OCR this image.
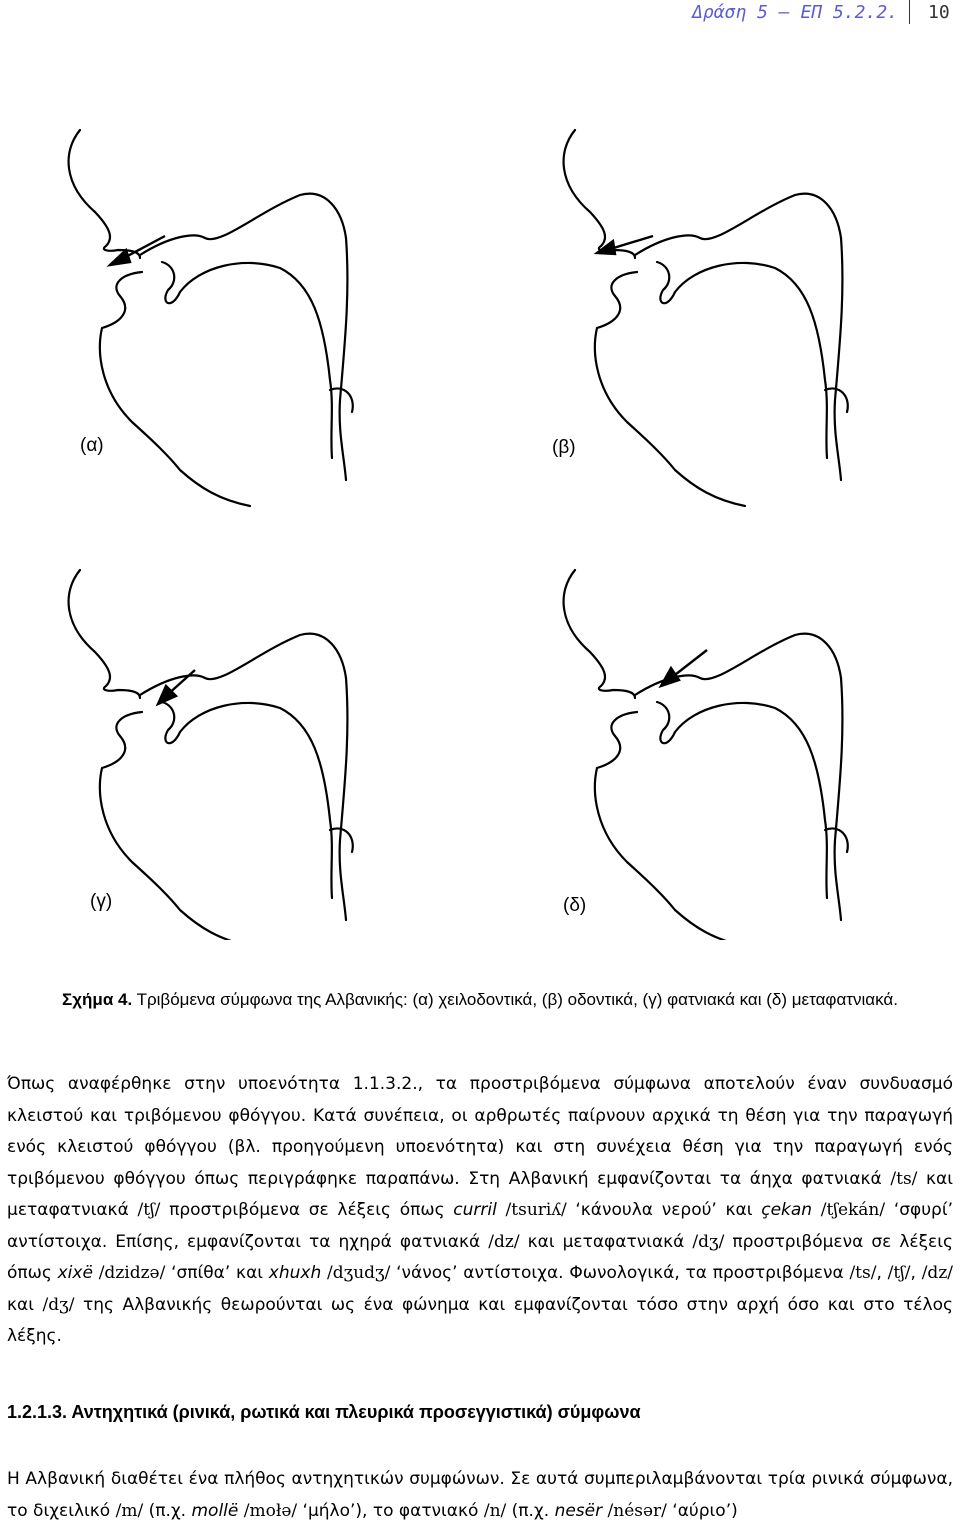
Δράση 5 – ΕΠ 5.2.2. 10
(α)	(β)
(γ)	(δ)
Σχήμα 4. Τριβόμενα σύμφωνα της Αλβανικής: (α) χειλοδοντικά, (β) οδοντικά, (γ) φατνιακά και (δ) μεταφατνιακά.
Όπως αναφέρθηκε στην υποενότητα 1.1.3.2., τα προστριβόμενα σύμφωνα αποτελούν έναν συνδυασμό κλειστού και τριβόμενου φθόγγου. Κατά συνέπεια, οι αρθρωτές παίρνουν αρχικά τη θέση για την παραγωγή ενός κλειστού φθόγγου (βλ. προηγούμενη υποενότητα) και στη συνέχεια θέση για την παραγωγή ενός τριβόμενου φθόγγου όπως περιγράφηκε παραπάνω. Στη Αλβανική εμφανίζονται τα άηχα φατνιακά /ts/ και μεταφατνιακά /tʃ/ προστριβόμενα σε λέξεις όπως curril /tsuriʎ/ ‘κάνουλα νερού’ και çekan /tʃekán/ ‘σφυρί’ αντίστοιχα. Επίσης, εμφανίζονται τα ηχηρά φατνιακά /dz/ και μεταφατνιακά /dʒ/ προστριβόμενα σε λέξεις όπως xixë /dzidzə/ ‘σπίθα’ και xhuxh /dʒudʒ/ ‘νάνος’ αντίστοιχα. Φωνολογικά, τα προστριβόμενα /ts/, /tʃ/, /dz/ και /dʒ/ της Αλβανικής θεωρούνται ως ένα φώνημα και εμφανίζονται τόσο στην αρχή όσο και στο τέλος λέξης.
1.2.1.3. Αντηχητικά (ρινικά, ρωτικά και πλευρικά προσεγγιστικά) σύμφωνα
Η Αλβανική διαθέτει ένα πλήθος αντηχητικών συμφώνων. Σε αυτά συμπεριλαμβάνονται τρία ρινικά σύμφωνα, το διχειλικό /m/ (π.χ. mollë /mołə/ ‘μήλο’), το φατνιακό /n/ (π.χ. nesër /nésər/ ‘αύριο’)
